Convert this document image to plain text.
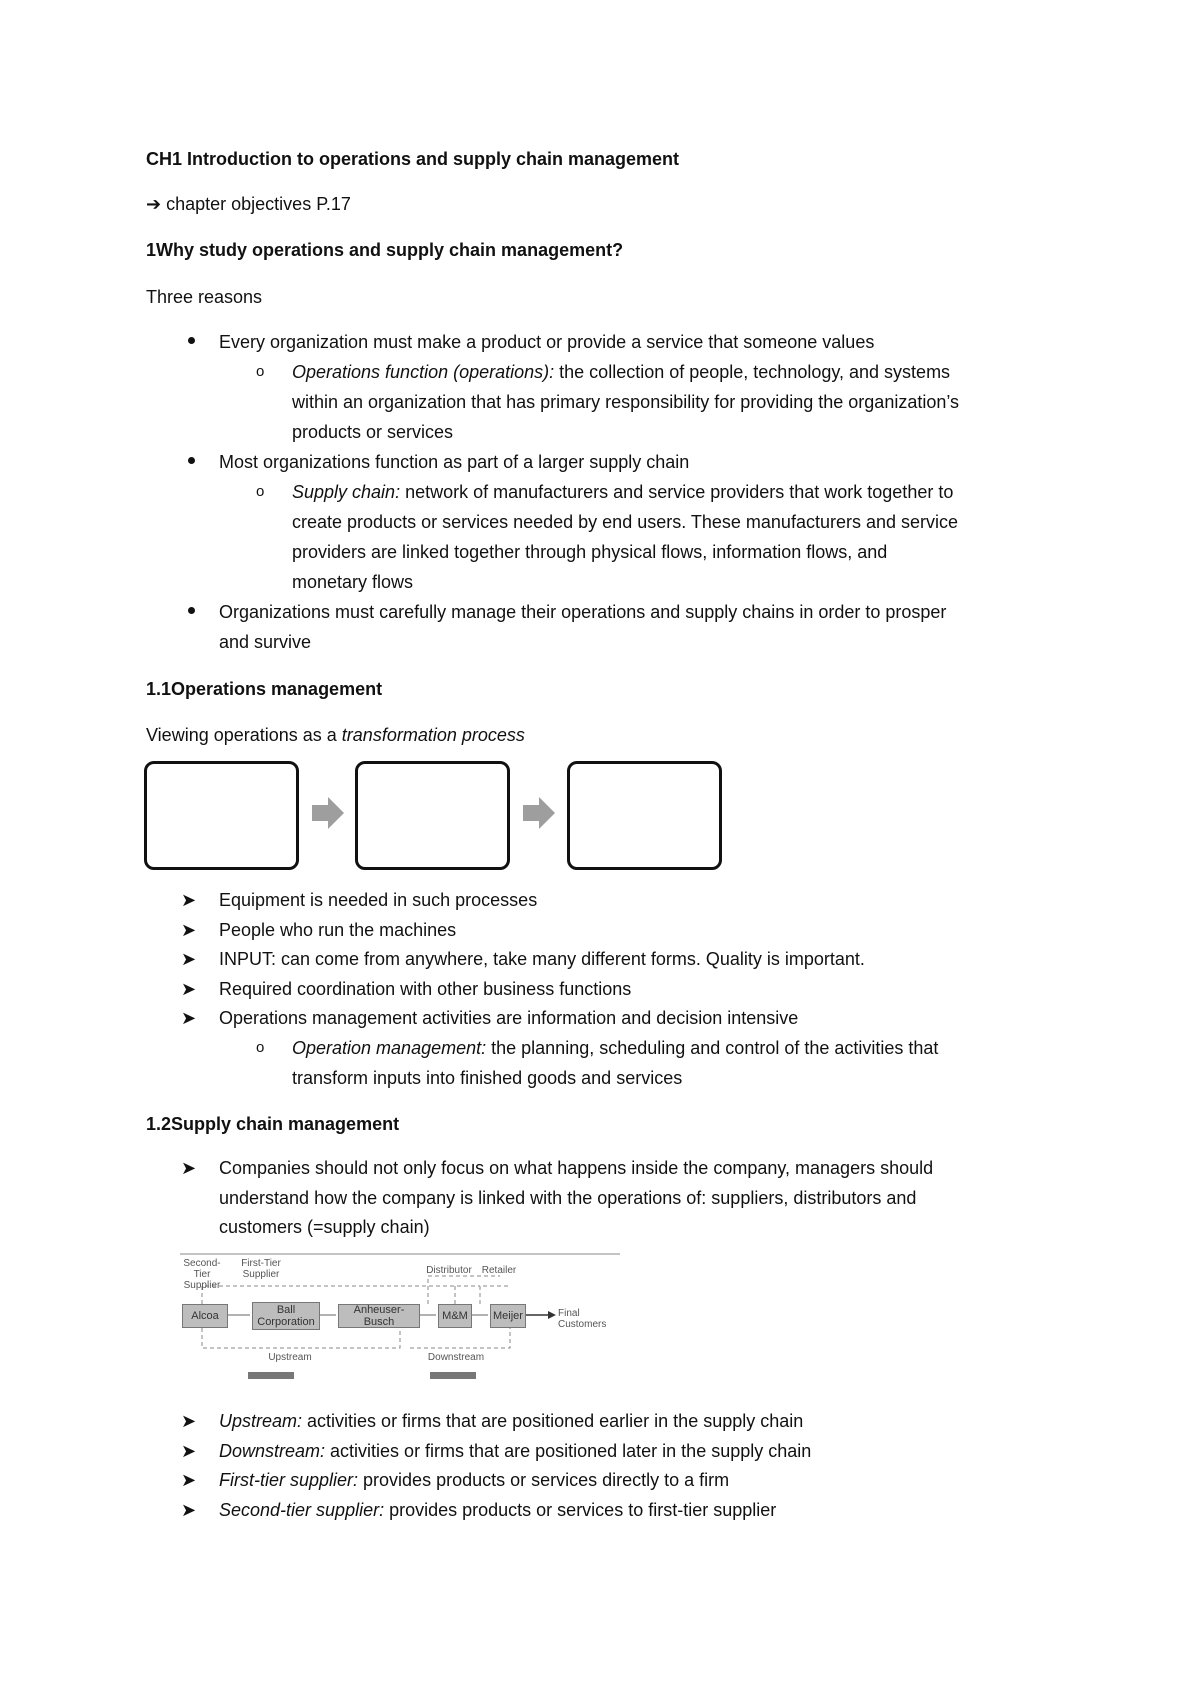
CH1 Introduction to operations and supply chain management
➔ chapter objectives P.17
1Why study operations and supply chain management?
Three reasons
Every organization must make a product or provide a service that someone values
o Operations function (operations): the collection of people, technology, and systems
within an organization that has primary responsibility for providing the organization’s
products or services
Most organizations function as part of a larger supply chain
o Supply chain: network of manufacturers and service providers that work together to
create products or services needed by end users. These manufacturers and service
providers are linked together through physical flows, information flows, and
monetary flows
Organizations must carefully manage their operations and supply chains in order to prosper
and survive
1.1Operations management
Viewing operations as a transformation process
➤ Equipment is needed in such processes
➤ People who run the machines
➤ INPUT: can come from anywhere, take many different forms. Quality is important.
➤ Required coordination with other business functions
➤ Operations management activities are information and decision intensive
o Operation management: the planning, scheduling and control of the activities that
transform inputs into finished goods and services
1.2Supply chain management
➤ Companies should not only focus on what happens inside the company, managers should
understand how the company is linked with the operations of: suppliers, distributors and
customers (=supply chain)
Second-Tier Supplier
First-Tier Supplier	Distributor Retailer
Alcoa	Ball Corporation
Anheuser-Busch	M&M	Meijer	Final Customers
Upstream	Downstream
➤ Upstream: activities or firms that are positioned earlier in the supply chain
➤ Downstream: activities or firms that are positioned later in the supply chain
➤ First-tier supplier: provides products or services directly to a firm
➤ Second-tier supplier: provides products or services to first-tier supplier
